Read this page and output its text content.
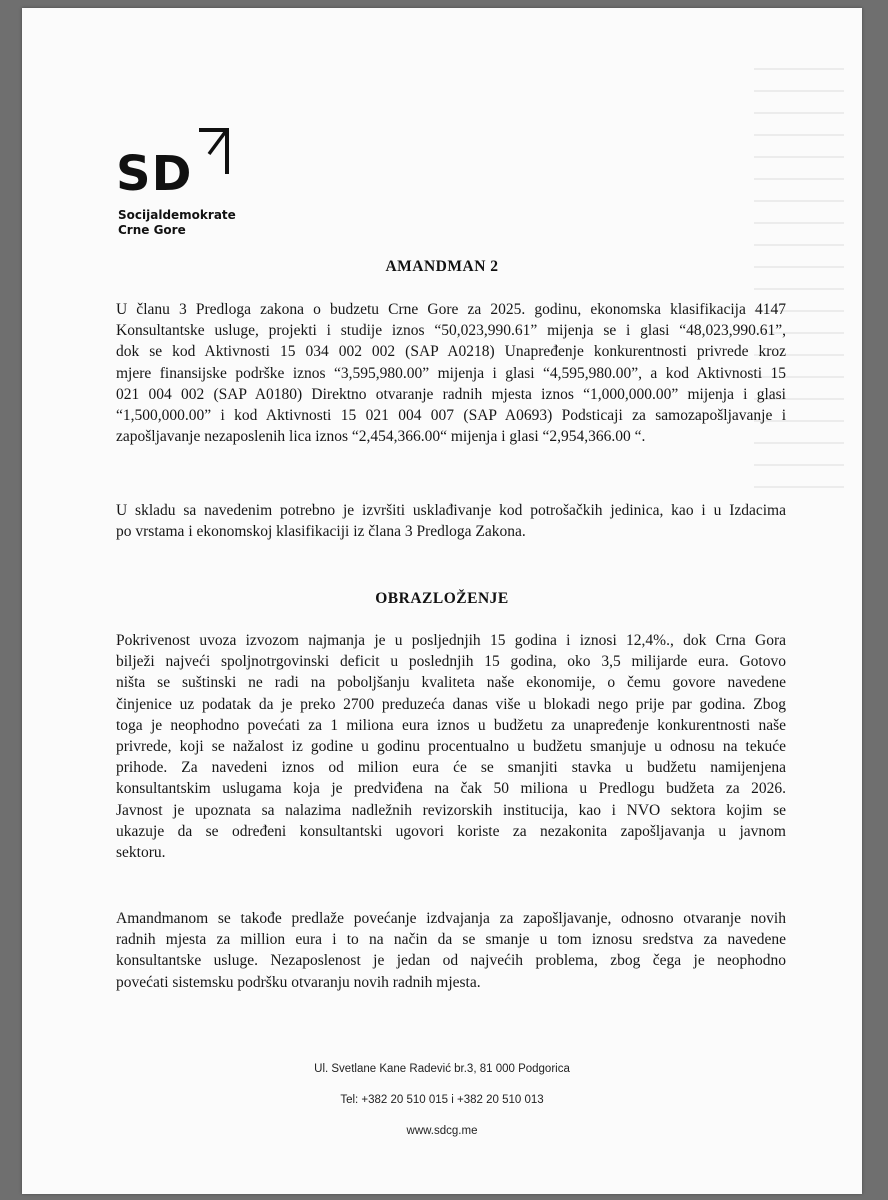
SD
Socijaldemokrate
Crne Gore
AMANDMAN 2
U članu 3 Predloga zakona o budzetu Crne Gore za 2025. godinu, ekonomska klasifikacija 4147
Konsultantske usluge, projekti i studije iznos “50,023,990.61” mijenja se i glasi “48,023,990.61”,
dok se kod Aktivnosti 15 034 002 002 (SAP A0218) Unapređenje konkurentnosti privrede kroz
mjere finansijske podrške iznos “3,595,980.00” mijenja i glasi “4,595,980.00”, a kod Aktivnosti 15
021 004 002 (SAP A0180) Direktno otvaranje radnih mjesta iznos “1,000,000.00” mijenja i glasi
“1,500,000.00” i kod Aktivnosti 15 021 004 007 (SAP A0693) Podsticaji za samozapošljavanje i
zapošljavanje nezaposlenih lica iznos “2,454,366.00“ mijenja i glasi “2,954,366.00 “.
U skladu sa navedenim potrebno je izvršiti usklađivanje kod potrošačkih jedinica, kao i u Izdacima
po vrstama i ekonomskoj klasifikaciji iz člana 3 Predloga Zakona.
OBRAZLOŽENJE
Pokrivenost uvoza izvozom najmanja je u posljednjih 15 godina i iznosi 12,4%., dok Crna Gora
bilježi najveći spoljnotrgovinski deficit u poslednjih 15 godina, oko 3,5 milijarde eura. Gotovo
ništa se suštinski ne radi na poboljšanju kvaliteta naše ekonomije, o čemu govore navedene
činjenice uz podatak da je preko 2700 preduzeća danas više u blokadi nego prije par godina. Zbog
toga je neophodno povećati za 1 miliona eura iznos u budžetu za unapređenje konkurentnosti naše
privrede, koji se nažalost iz godine u godinu procentualno u budžetu smanjuje u odnosu na tekuće
prihode. Za navedeni iznos od milion eura će se smanjiti stavka u budžetu namijenjena
konsultantskim uslugama koja je predviđena na čak 50 miliona u Predlogu budžeta za 2026.
Javnost je upoznata sa nalazima nadležnih revizorskih institucija, kao i NVO sektora kojim se
ukazuje da se određeni konsultantski ugovori koriste za nezakonita zapošljavanja u javnom
sektoru.
Amandmanom se takođe predlaže povećanje izdvajanja za zapošljavanje, odnosno otvaranje novih
radnih mjesta za million eura i to na način da se smanje u tom iznosu sredstva za navedene
konsultantske usluge. Nezaposlenost je jedan od najvećih problema, zbog čega je neophodno
povećati sistemsku podršku otvaranju novih radnih mjesta.
Ul. Svetlane Kane Radević br.3, 81 000 Podgorica
Tel: +382 20 510 015 i +382 20 510 013
www.sdcg.me
